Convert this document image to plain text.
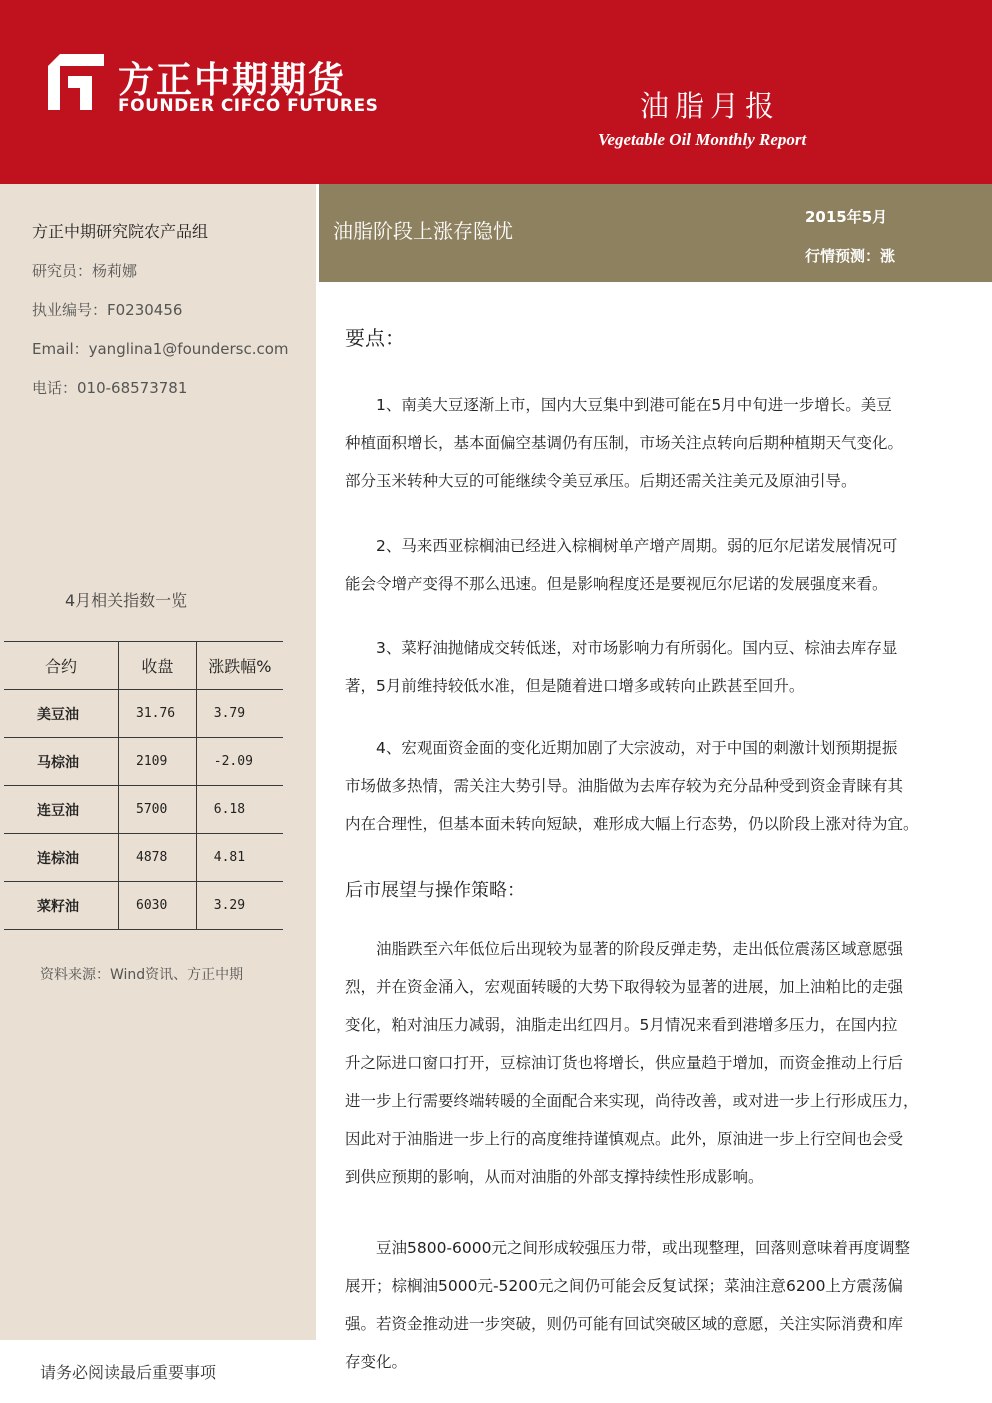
方正中期期货
FOUNDER CIFCO FUTURES	油脂月报
Vegetable Oil Monthly Report
方正中期研究院农产品组
研究员：杨莉娜
执业编号：F0230456
Email：yanglina1@foundersc.com
电话：010-68573781
4月相关指数一览
合约	收盘	涨跌幅%
美豆油	31.76	3.79
马棕油	2109	-2.09
连豆油	5700	6.18
连棕油	4878	4.81
菜籽油	6030	3.29
资料来源：Wind资讯、方正中期
请务必阅读最后重要事项
油脂阶段上涨存隐忧
2015年5月
行情预测：涨
要点：
1、南美大豆逐渐上市，国内大豆集中到港可能在5月中旬进一步增长。美豆
种植面积增长，基本面偏空基调仍有压制，市场关注点转向后期种植期天气变化。
部分玉米转种大豆的可能继续令美豆承压。后期还需关注美元及原油引导。
2、马来西亚棕榈油已经进入棕榈树单产增产周期。弱的厄尔尼诺发展情况可
能会令增产变得不那么迅速。但是影响程度还是要视厄尔尼诺的发展强度来看。
3、菜籽油抛储成交转低迷，对市场影响力有所弱化。国内豆、棕油去库存显
著，5月前维持较低水准，但是随着进口增多或转向止跌甚至回升。
4、宏观面资金面的变化近期加剧了大宗波动，对于中国的刺激计划预期提振
市场做多热情，需关注大势引导。油脂做为去库存较为充分品种受到资金青睐有其
内在合理性，但基本面未转向短缺，难形成大幅上行态势，仍以阶段上涨对待为宜。
后市展望与操作策略：
油脂跌至六年低位后出现较为显著的阶段反弹走势，走出低位震荡区域意愿强
烈，并在资金涌入，宏观面转暖的大势下取得较为显著的进展，加上油粕比的走强
变化，粕对油压力减弱，油脂走出红四月。5月情况来看到港增多压力，在国内拉
升之际进口窗口打开，豆棕油订货也将增长，供应量趋于增加，而资金推动上行后
进一步上行需要终端转暖的全面配合来实现，尚待改善，或对进一步上行形成压力，
因此对于油脂进一步上行的高度维持谨慎观点。此外，原油进一步上行空间也会受
到供应预期的影响，从而对油脂的外部支撑持续性形成影响。
豆油5800-6000元之间形成较强压力带，或出现整理，回落则意味着再度调整
展开；棕榈油5000元-5200元之间仍可能会反复试探；菜油注意6200上方震荡偏
强。若资金推动进一步突破，则仍可能有回试突破区域的意愿，关注实际消费和库
存变化。
